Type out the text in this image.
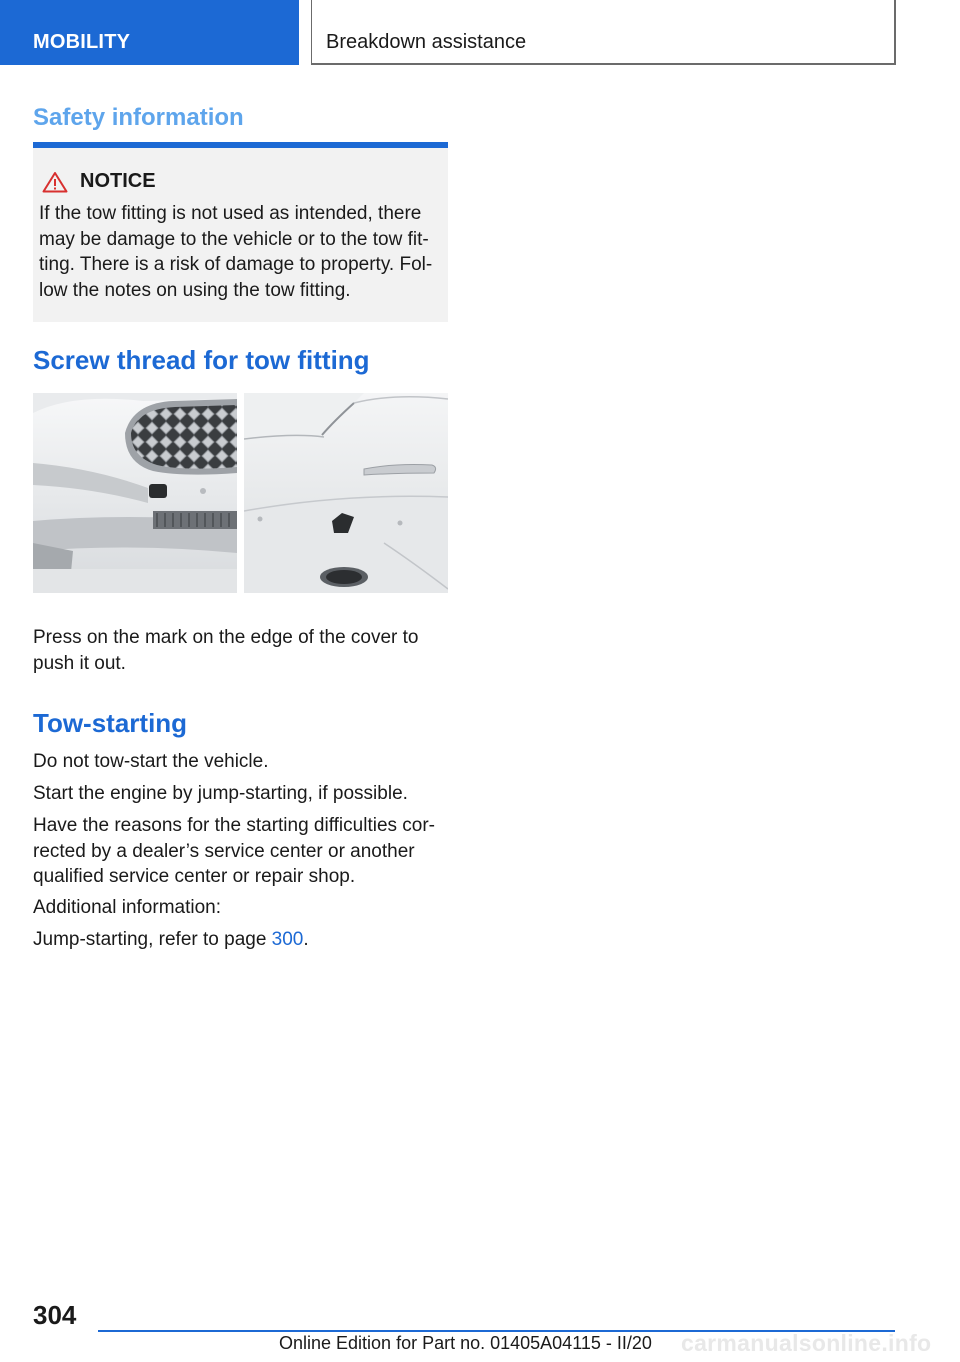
MOBILITY	Breakdown assistance
Safety information
NOTICE
If the tow fitting is not used as intended, there may be damage to the vehicle or to the tow fit-ting. There is a risk of damage to property. Fol-low the notes on using the tow fitting.
Screw thread for tow fitting
Press on the mark on the edge of the cover to push it out.
Tow-starting
Do not tow-start the vehicle.
Start the engine by jump-starting, if possible.
Have the reasons for the starting difficulties cor-rected by a dealer’s service center or another qualified service center or repair shop.
Additional information:
Jump-starting, refer to page 300.
304
Online Edition for Part no. 01405A04115 - II/20 carmanualsonline.info
